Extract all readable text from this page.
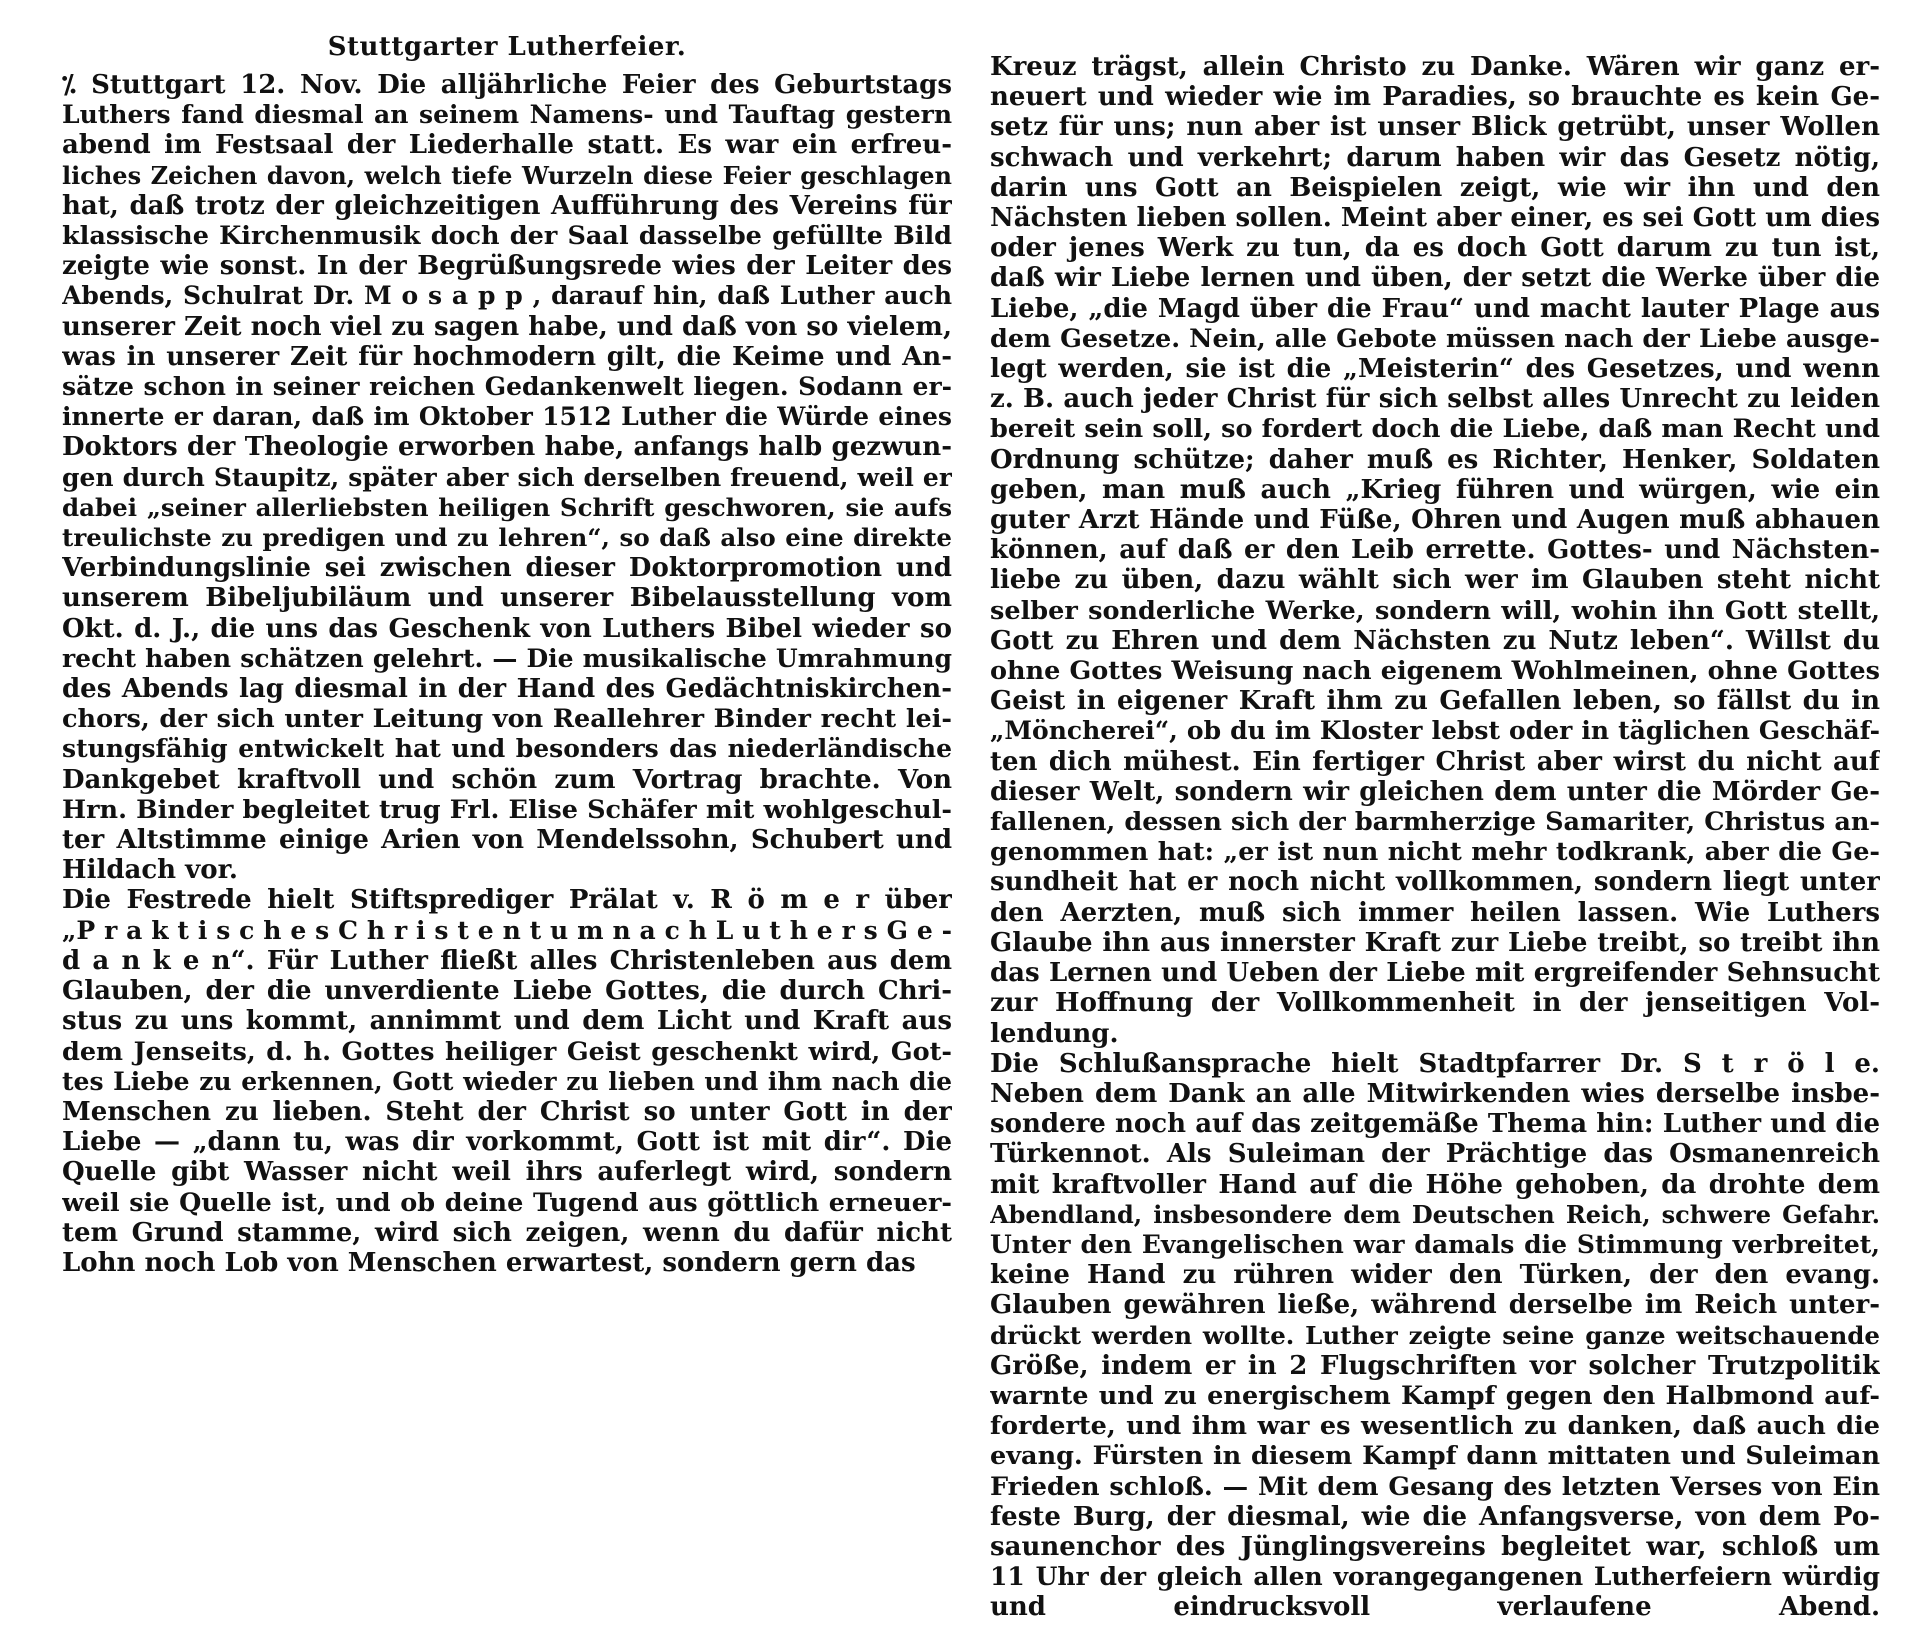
Stuttgarter Lutherfeier.
⁒ Stuttgart 12. Nov. Die alljährliche Feier des Geburtstags
Luthers fand diesmal an seinem Namens- und Tauftag gestern
abend im Festsaal der Liederhalle statt. Es war ein erfreu-
liches Zeichen davon, welch tiefe Wurzeln diese Feier geschlagen
hat, daß trotz der gleichzeitigen Aufführung des Vereins für
klassische Kirchenmusik doch der Saal dasselbe gefüllte Bild
zeigte wie sonst. In der Begrüßungsrede wies der Leiter des
Abends, Schulrat Dr. M o s a p p , darauf hin, daß Luther auch
unserer Zeit noch viel zu sagen habe, und daß von so vielem,
was in unserer Zeit für hochmodern gilt, die Keime und An-
sätze schon in seiner reichen Gedankenwelt liegen. Sodann er-
innerte er daran, daß im Oktober 1512 Luther die Würde eines
Doktors der Theologie erworben habe, anfangs halb gezwun-
gen durch Staupitz, später aber sich derselben freuend, weil er
dabei „seiner allerliebsten heiligen Schrift geschworen, sie aufs
treulichste zu predigen und zu lehren“, so daß also eine direkte
Verbindungslinie sei zwischen dieser Doktorpromotion und
unserem Bibeljubiläum und unserer Bibelausstellung vom
Okt. d. J., die uns das Geschenk von Luthers Bibel wieder so
recht haben schätzen gelehrt. — Die musikalische Umrahmung
des Abends lag diesmal in der Hand des Gedächtniskirchen-
chors, der sich unter Leitung von Reallehrer Binder recht lei-
stungsfähig entwickelt hat und besonders das niederländische
Dankgebet kraftvoll und schön zum Vortrag brachte. Von
Hrn. Binder begleitet trug Frl. Elise Schäfer mit wohlgeschul-
ter Altstimme einige Arien von Mendelssohn, Schubert und
Hildach vor.
Die Festrede hielt Stiftsprediger Prälat v. R ö m e r über
„P r a k t i s c h e s C h r i s t e n t u m n a c h L u t h e r s G e -
d a n k e n“. Für Luther fließt alles Christenleben aus dem
Glauben, der die unverdiente Liebe Gottes, die durch Chri-
stus zu uns kommt, annimmt und dem Licht und Kraft aus
dem Jenseits, d. h. Gottes heiliger Geist geschenkt wird, Got-
tes Liebe zu erkennen, Gott wieder zu lieben und ihm nach die
Menschen zu lieben. Steht der Christ so unter Gott in der
Liebe — „dann tu, was dir vorkommt, Gott ist mit dir“. Die
Quelle gibt Wasser nicht weil ihrs auferlegt wird, sondern
weil sie Quelle ist, und ob deine Tugend aus göttlich erneuer-
tem Grund stamme, wird sich zeigen, wenn du dafür nicht
Lohn noch Lob von Menschen erwartest, sondern gern das
Kreuz trägst, allein Christo zu Danke. Wären wir ganz er-
neuert und wieder wie im Paradies, so brauchte es kein Ge-
setz für uns; nun aber ist unser Blick getrübt, unser Wollen
schwach und verkehrt; darum haben wir das Gesetz nötig,
darin uns Gott an Beispielen zeigt, wie wir ihn und den
Nächsten lieben sollen. Meint aber einer, es sei Gott um dies
oder jenes Werk zu tun, da es doch Gott darum zu tun ist,
daß wir Liebe lernen und üben, der setzt die Werke über die
Liebe, „die Magd über die Frau“ und macht lauter Plage aus
dem Gesetze. Nein, alle Gebote müssen nach der Liebe ausge-
legt werden, sie ist die „Meisterin“ des Gesetzes, und wenn
z. B. auch jeder Christ für sich selbst alles Unrecht zu leiden
bereit sein soll, so fordert doch die Liebe, daß man Recht und
Ordnung schütze; daher muß es Richter, Henker, Soldaten
geben, man muß auch „Krieg führen und würgen, wie ein
guter Arzt Hände und Füße, Ohren und Augen muß abhauen
können, auf daß er den Leib errette. Gottes- und Nächsten-
liebe zu üben, dazu wählt sich wer im Glauben steht nicht
selber sonderliche Werke, sondern will, wohin ihn Gott stellt,
Gott zu Ehren und dem Nächsten zu Nutz leben“. Willst du
ohne Gottes Weisung nach eigenem Wohlmeinen, ohne Gottes
Geist in eigener Kraft ihm zu Gefallen leben, so fällst du in
„Möncherei“, ob du im Kloster lebst oder in täglichen Geschäf-
ten dich mühest. Ein fertiger Christ aber wirst du nicht auf
dieser Welt, sondern wir gleichen dem unter die Mörder Ge-
fallenen, dessen sich der barmherzige Samariter, Christus an-
genommen hat: „er ist nun nicht mehr todkrank, aber die Ge-
sundheit hat er noch nicht vollkommen, sondern liegt unter
den Aerzten, muß sich immer heilen lassen. Wie Luthers
Glaube ihn aus innerster Kraft zur Liebe treibt, so treibt ihn
das Lernen und Ueben der Liebe mit ergreifender Sehnsucht
zur Hoffnung der Vollkommenheit in der jenseitigen Vol-
lendung.
Die Schlußansprache hielt Stadtpfarrer Dr. S t r ö l e.
Neben dem Dank an alle Mitwirkenden wies derselbe insbe-
sondere noch auf das zeitgemäße Thema hin: Luther und die
Türkennot. Als Suleiman der Prächtige das Osmanenreich
mit kraftvoller Hand auf die Höhe gehoben, da drohte dem
Abendland, insbesondere dem Deutschen Reich, schwere Gefahr.
Unter den Evangelischen war damals die Stimmung verbreitet,
keine Hand zu rühren wider den Türken, der den evang.
Glauben gewähren ließe, während derselbe im Reich unter-
drückt werden wollte. Luther zeigte seine ganze weitschauende
Größe, indem er in 2 Flugschriften vor solcher Trutzpolitik
warnte und zu energischem Kampf gegen den Halbmond auf-
forderte, und ihm war es wesentlich zu danken, daß auch die
evang. Fürsten in diesem Kampf dann mittaten und Suleiman
Frieden schloß. — Mit dem Gesang des letzten Verses von Ein
feste Burg, der diesmal, wie die Anfangsverse, von dem Po-
saunenchor des Jünglingsvereins begleitet war, schloß um
11 Uhr der gleich allen vorangegangenen Lutherfeiern würdig
und eindrucksvoll verlaufene Abend.
